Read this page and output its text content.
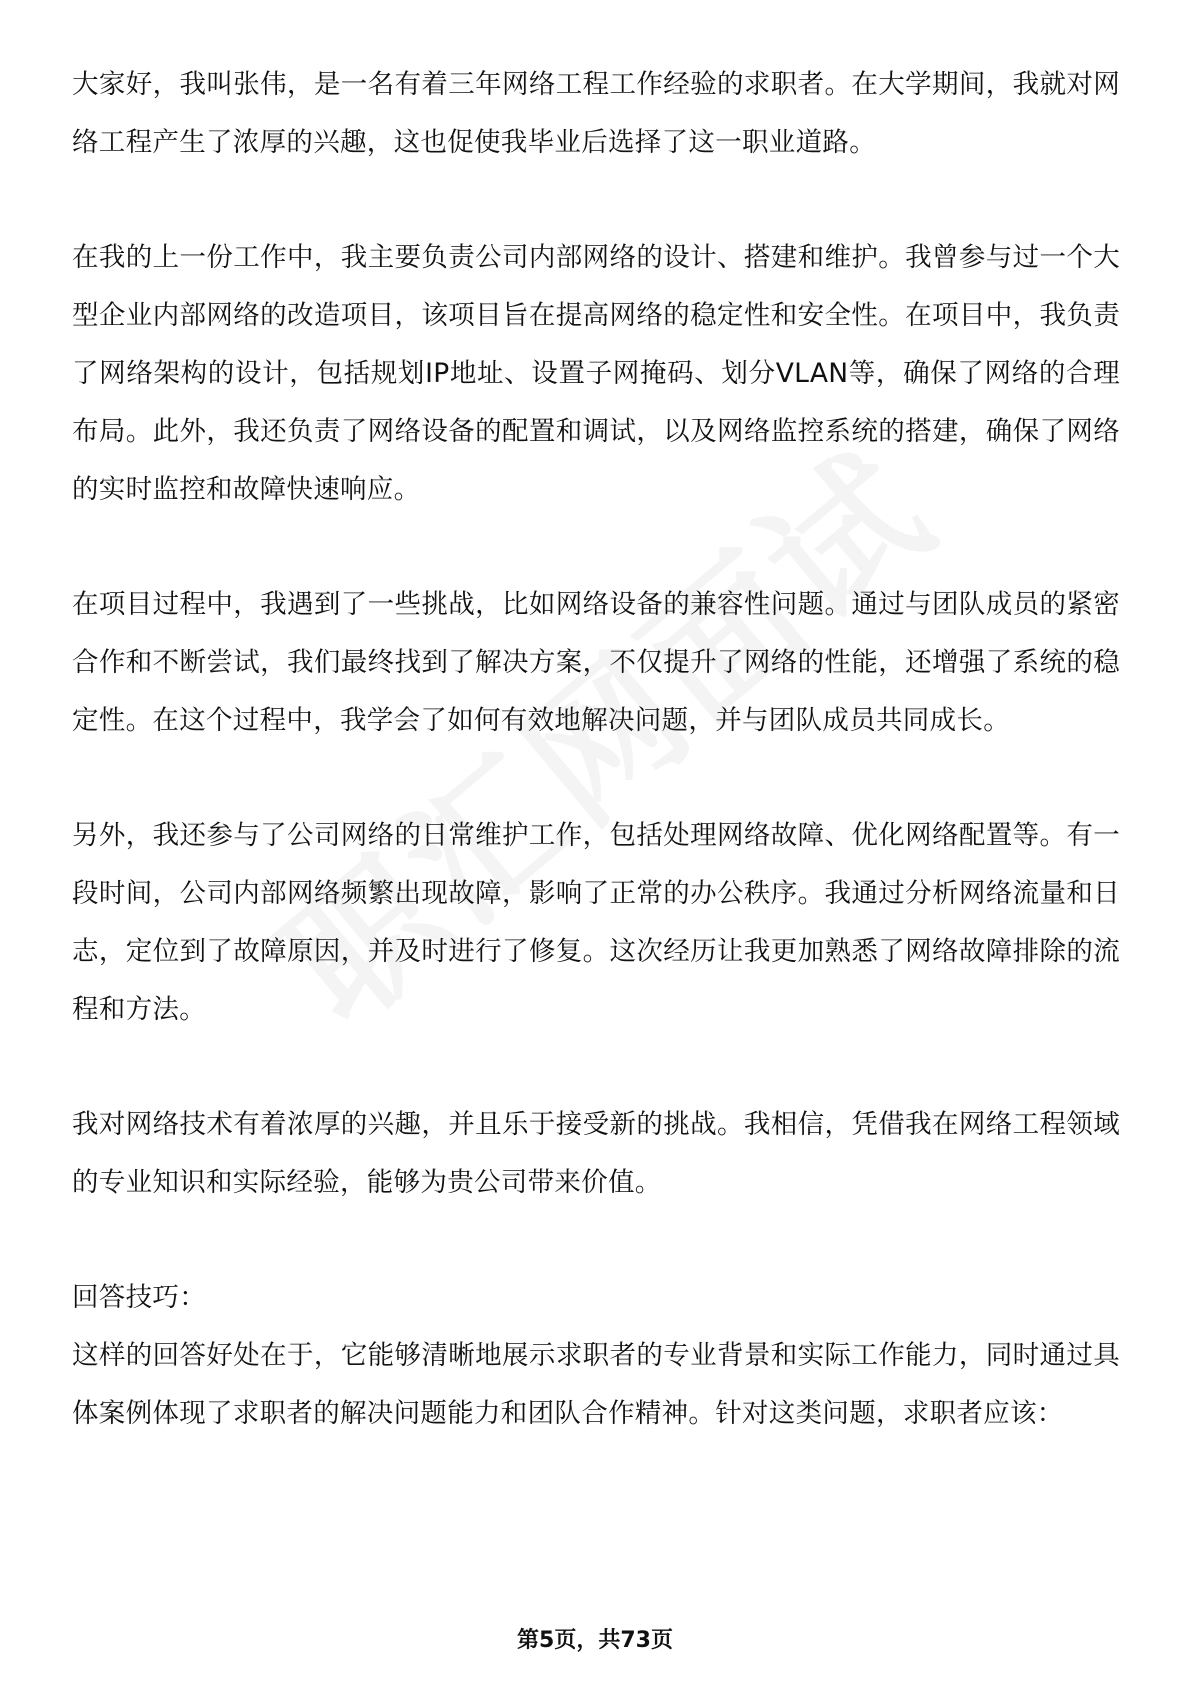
大家好，我叫张伟，是一名有着三年网络工程工作经验的求职者。在大学期间，我就对网络工程产生了浓厚的兴趣，这也促使我毕业后选择了这一职业道路。

在我的上一份工作中，我主要负责公司内部网络的设计、搭建和维护。我曾参与过一个大型企业内部网络的改造项目，该项目旨在提高网络的稳定性和安全性。在项目中，我负责了网络架构的设计，包括规划IP地址、设置子网掩码、划分VLAN等，确保了网络的合理布局。此外，我还负责了网络设备的配置和调试，以及网络监控系统的搭建，确保了网络的实时监控和故障快速响应。

在项目过程中，我遇到了一些挑战，比如网络设备的兼容性问题。通过与团队成员的紧密合作和不断尝试，我们最终找到了解决方案，不仅提升了网络的性能，还增强了系统的稳定性。在这个过程中，我学会了如何有效地解决问题，并与团队成员共同成长。

另外，我还参与了公司网络的日常维护工作，包括处理网络故障、优化网络配置等。有一段时间，公司内部网络频繁出现故障，影响了正常的办公秩序。我通过分析网络流量和日志，定位到了故障原因，并及时进行了修复。这次经历让我更加熟悉了网络故障排除的流程和方法。

我对网络技术有着浓厚的兴趣，并且乐于接受新的挑战。我相信，凭借我在网络工程领域的专业知识和实际经验，能够为贵公司带来价值。

回答技巧：

这样的回答好处在于，它能够清晰地展示求职者的专业背景和实际工作能力，同时通过具体案例体现了求职者的解决问题能力和团队合作精神。针对这类问题，求职者应该：

第5页，共73页
